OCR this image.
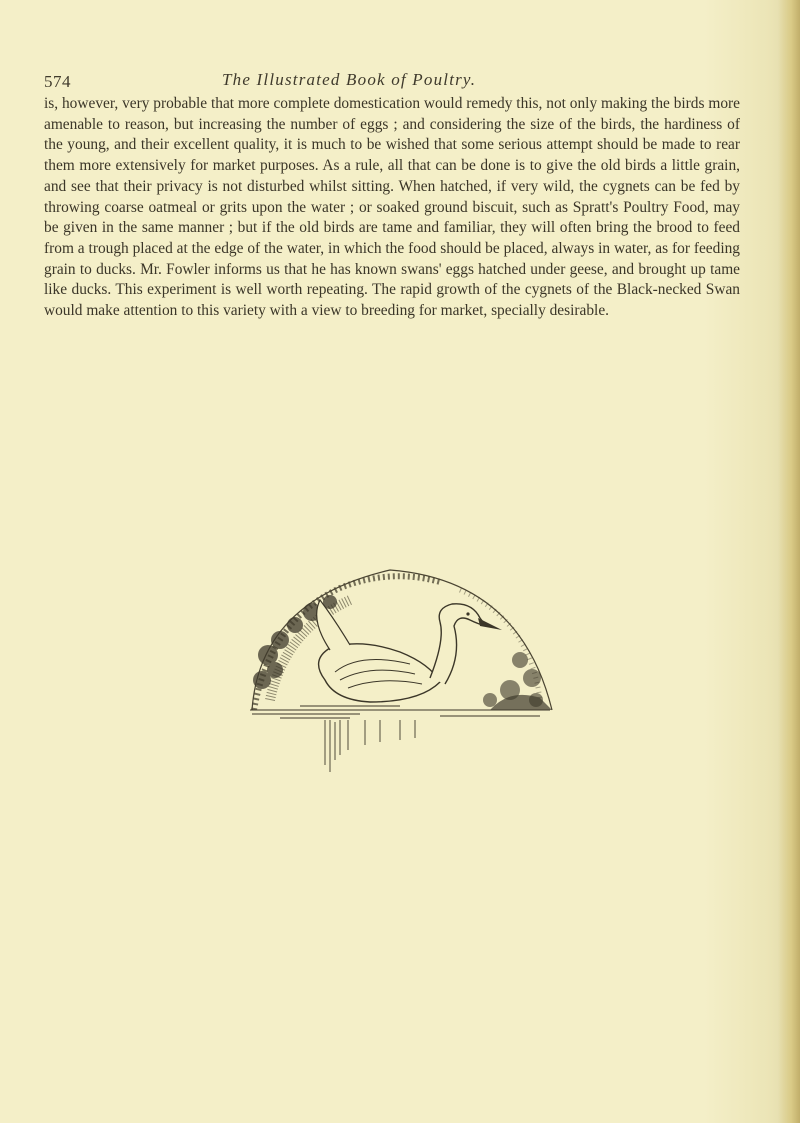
574	The Illustrated Book of Poultry.

is, however, very probable that more complete domestication would remedy this, not only making the birds more amenable to reason, but increasing the number of eggs ; and considering the size of the birds, the hardiness of the young, and their excellent quality, it is much to be wished that some serious attempt should be made to rear them more extensively for market purposes. As a rule, all that can be done is to give the old birds a little grain, and see that their privacy is not disturbed whilst sitting. When hatched, if very wild, the cygnets can be fed by throwing coarse oatmeal or grits upon the water ; or soaked ground biscuit, such as Spratt's Poultry Food, may be given in the same manner ; but if the old birds are tame and familiar, they will often bring the brood to feed from a trough placed at the edge of the water, in which the food should be placed, always in water, as for feeding grain to ducks. Mr. Fowler informs us that he has known swans' eggs hatched under geese, and brought up tame like ducks. This experiment is well worth repeating. The rapid growth of the cygnets of the Black-necked Swan would make attention to this variety with a view to breeding for market, specially desirable.
